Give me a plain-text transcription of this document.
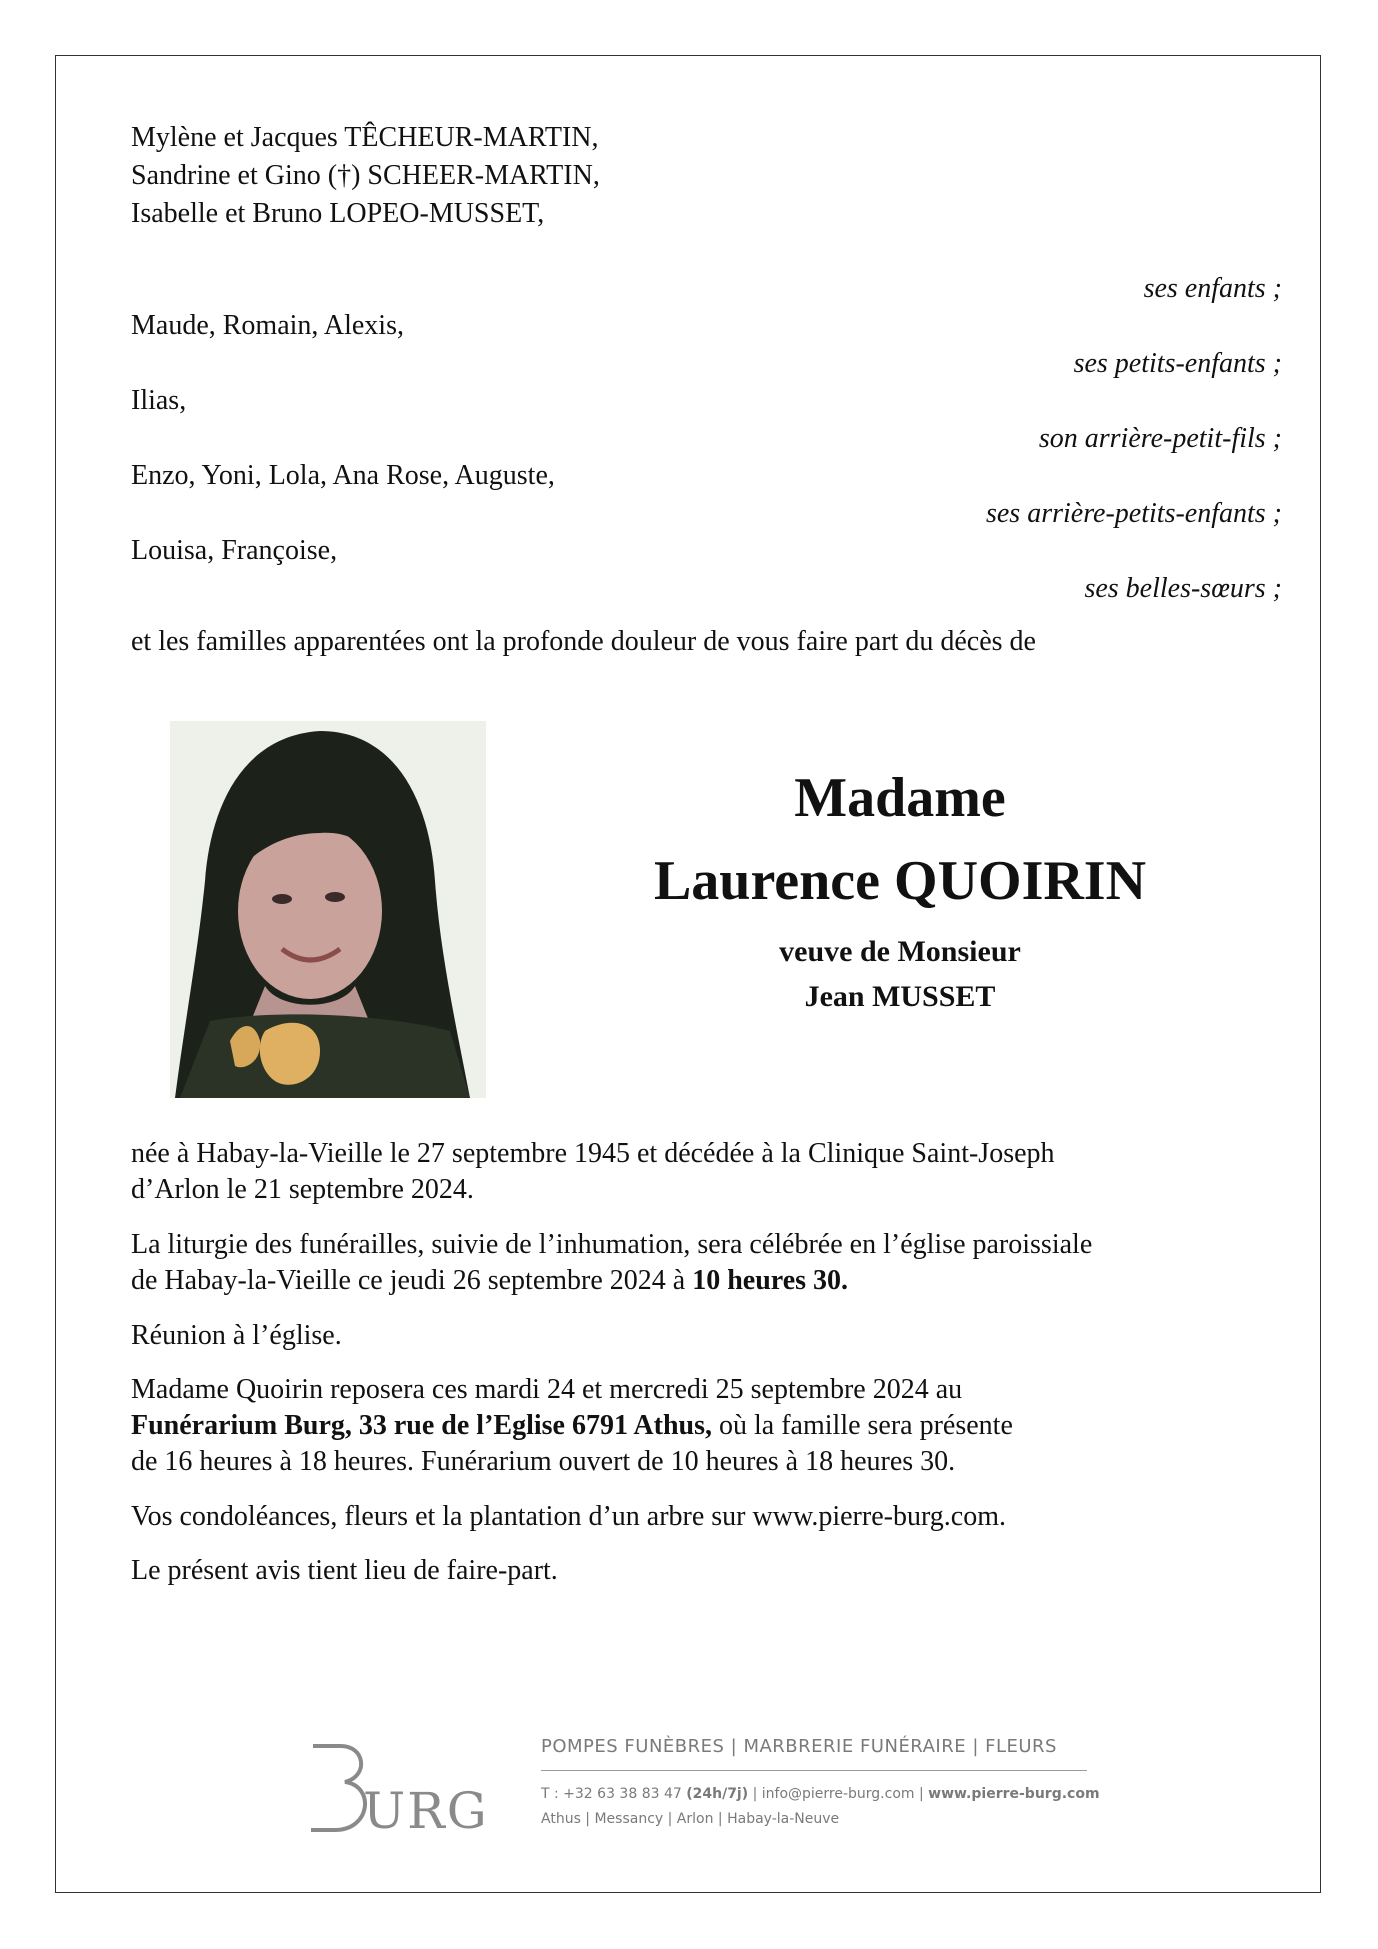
Mylène et Jacques TÊCHEUR-MARTIN,
Sandrine et Gino (†) SCHEER-MARTIN,
Isabelle et Bruno LOPEO-MUSSET,
ses enfants ;
Maude, Romain, Alexis,
ses petits-enfants ;
Ilias,
son arrière-petit-fils ;
Enzo, Yoni, Lola, Ana Rose, Auguste,
ses arrière-petits-enfants ;
Louisa, Françoise,
ses belles-sœurs ;
et les familles apparentées ont la profonde douleur de vous faire part du décès de
Madame
Laurence QUOIRIN
veuve de Monsieur
Jean MUSSET
née à Habay-la-Vieille le 27 septembre 1945 et décédée à la Clinique Saint-Joseph
d’Arlon le 21 septembre 2024.
La liturgie des funérailles, suivie de l’inhumation, sera célébrée en l’église paroissiale
de Habay-la-Vieille ce jeudi 26 septembre 2024 à 10 heures 30.
Réunion à l’église.
Madame Quoirin reposera ces mardi 24 et mercredi 25 septembre 2024 au
Funérarium Burg, 33 rue de l’Eglise 6791 Athus, où la famille sera présente
de 16 heures à 18 heures. Funérarium ouvert de 10 heures à 18 heures 30.
Vos condoléances, fleurs et la plantation d’un arbre sur www.pierre-burg.com.
Le présent avis tient lieu de faire-part.
URG
POMPES FUNÈBRES | MARBRERIE FUNÉRAIRE | FLEURS
T : +32 63 38 83 47 (24h/7j) | info@pierre-burg.com | www.pierre-burg.com
Athus | Messancy | Arlon | Habay-la-Neuve
